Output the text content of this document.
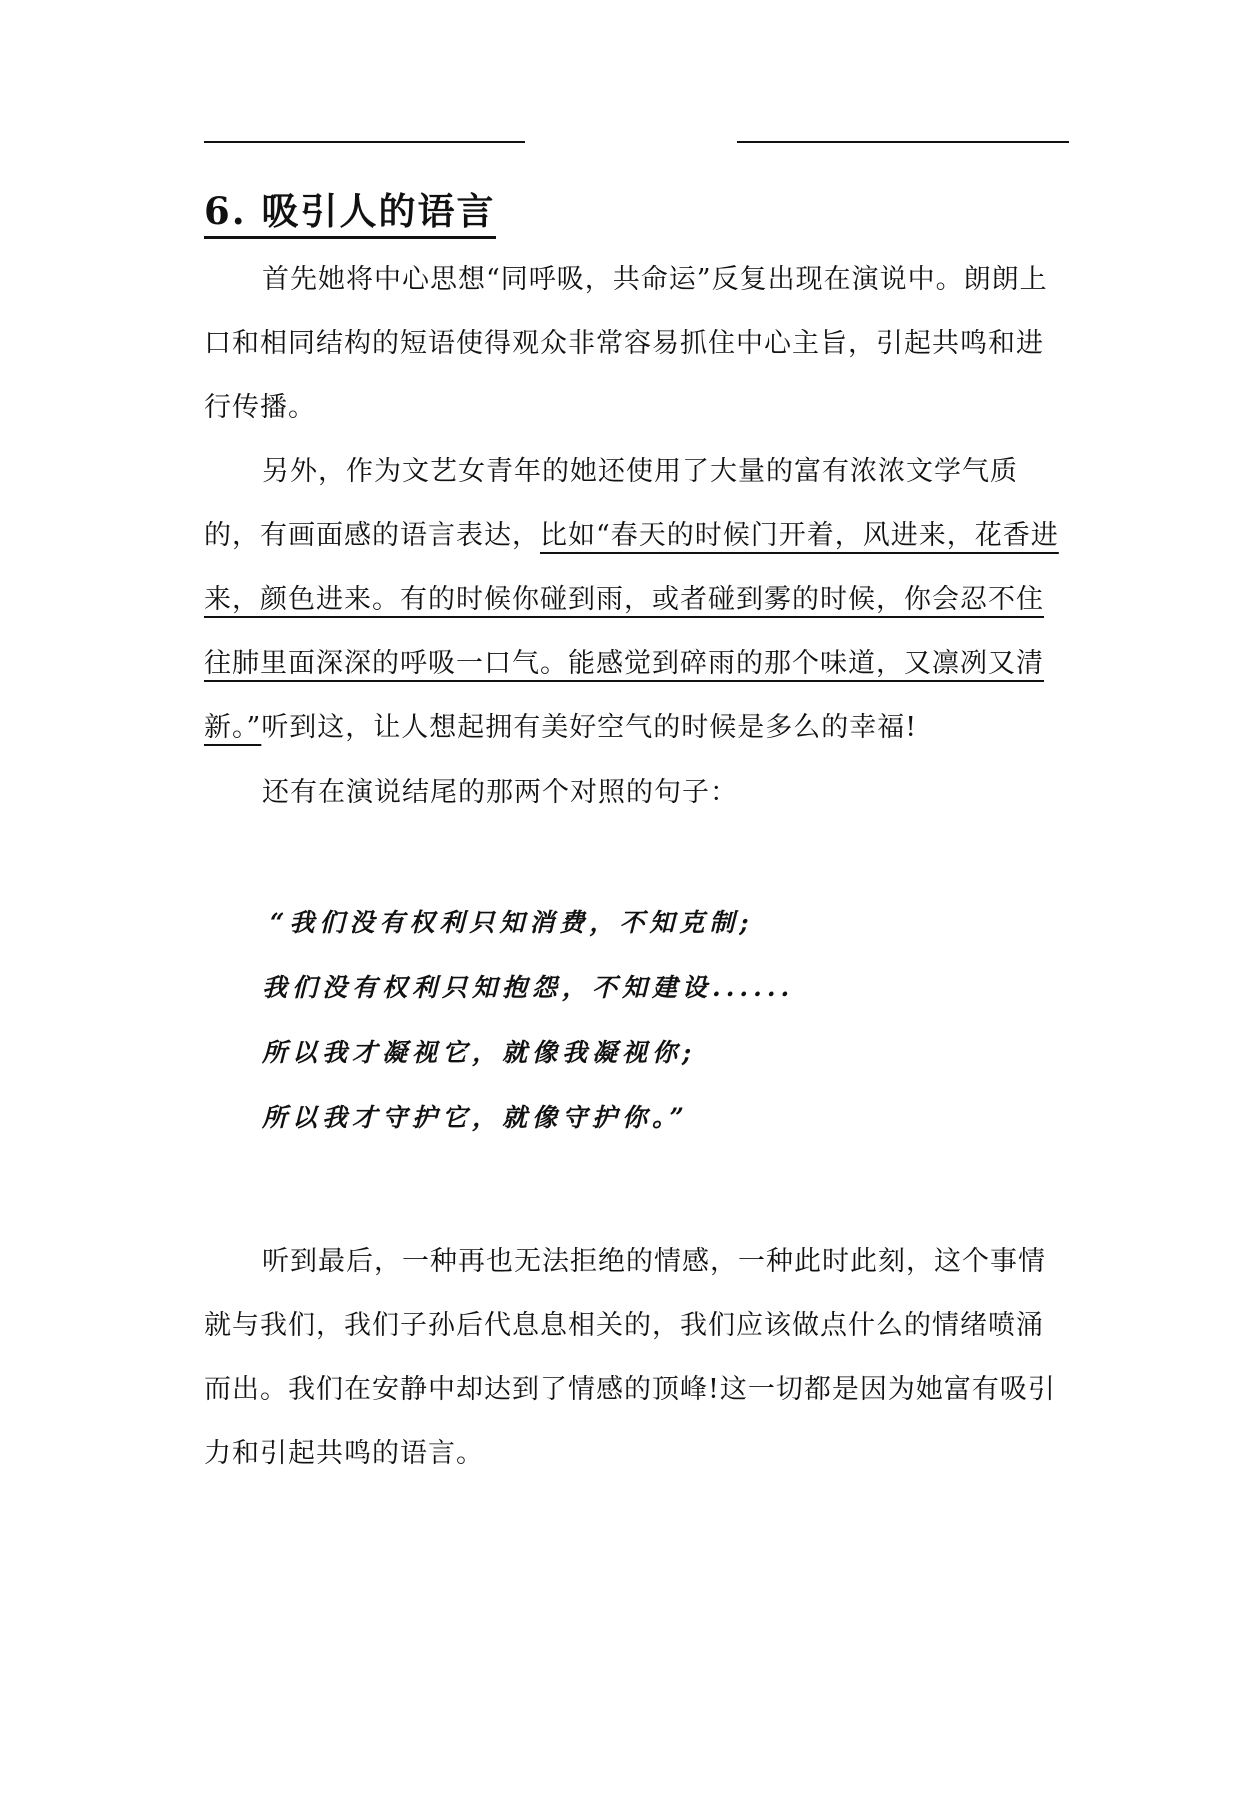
6. 吸引人的语言
首先她将中心思想“同呼吸，共命运”反复出现在演说中。朗朗上口和相同结构的短语使得观众非常容易抓住中心主旨，引起共鸣和进行传播。
另外，作为文艺女青年的她还使用了大量的富有浓浓文学气质的，有画面感的语言表达，比如“春天的时候门开着，风进来，花香进来，颜色进来。有的时候你碰到雨，或者碰到雾的时候，你会忍不住往肺里面深深的呼吸一口气。能感觉到碎雨的那个味道，又凛冽又清新。”听到这，让人想起拥有美好空气的时候是多么的幸福!
还有在演说结尾的那两个对照的句子：
“我们没有权利只知消费，不知克制;
我们没有权利只知抱怨，不知建设......
所以我才凝视它，就像我凝视你;
所以我才守护它，就像守护你。”
听到最后，一种再也无法拒绝的情感，一种此时此刻，这个事情就与我们，我们子孙后代息息相关的，我们应该做点什么的情绪喷涌而出。我们在安静中却达到了情感的顶峰!这一切都是因为她富有吸引力和引起共鸣的语言。
